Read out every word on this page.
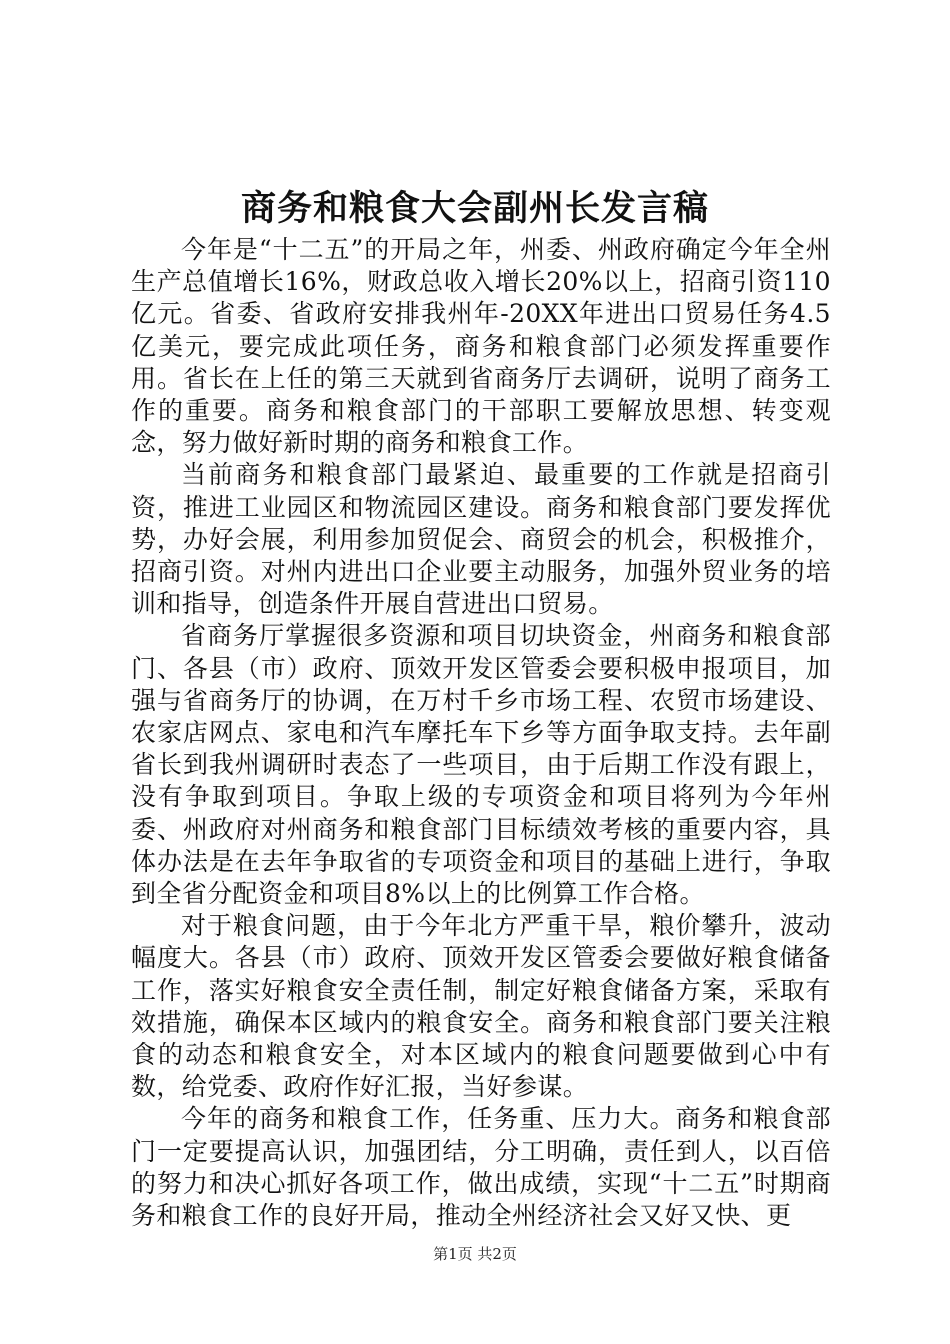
商务和粮食大会副州长发言稿

今年是“十二五”的开局之年，州委、州政府确定今年全州生产总值增长16%，财政总收入增长20%以上，招商引资110亿元。省委、省政府安排我州年-20XX年进出口贸易任务4.5亿美元，要完成此项任务，商务和粮食部门必须发挥重要作用。省长在上任的第三天就到省商务厅去调研，说明了商务工作的重要。商务和粮食部门的干部职工要解放思想、转变观念，努力做好新时期的商务和粮食工作。

当前商务和粮食部门最紧迫、最重要的工作就是招商引资，推进工业园区和物流园区建设。商务和粮食部门要发挥优势，办好会展，利用参加贸促会、商贸会的机会，积极推介，招商引资。对州内进出口企业要主动服务，加强外贸业务的培训和指导，创造条件开展自营进出口贸易。

省商务厅掌握很多资源和项目切块资金，州商务和粮食部门、各县（市）政府、顶效开发区管委会要积极申报项目，加强与省商务厅的协调，在万村千乡市场工程、农贸市场建设、农家店网点、家电和汽车摩托车下乡等方面争取支持。去年副省长到我州调研时表态了一些项目，由于后期工作没有跟上，没有争取到项目。争取上级的专项资金和项目将列为今年州委、州政府对州商务和粮食部门目标绩效考核的重要内容，具体办法是在去年争取省的专项资金和项目的基础上进行，争取到全省分配资金和项目8%以上的比例算工作合格。

对于粮食问题，由于今年北方严重干旱，粮价攀升，波动幅度大。各县（市）政府、顶效开发区管委会要做好粮食储备工作，落实好粮食安全责任制，制定好粮食储备方案，采取有效措施，确保本区域内的粮食安全。商务和粮食部门要关注粮食的动态和粮食安全，对本区域内的粮食问题要做到心中有数，给党委、政府作好汇报，当好参谋。

今年的商务和粮食工作，任务重、压力大。商务和粮食部门一定要提高认识，加强团结，分工明确，责任到人，以百倍的努力和决心抓好各项工作，做出成绩，实现“十二五”时期商务和粮食工作的良好开局，推动全州经济社会又好又快、更

第1页 共2页
